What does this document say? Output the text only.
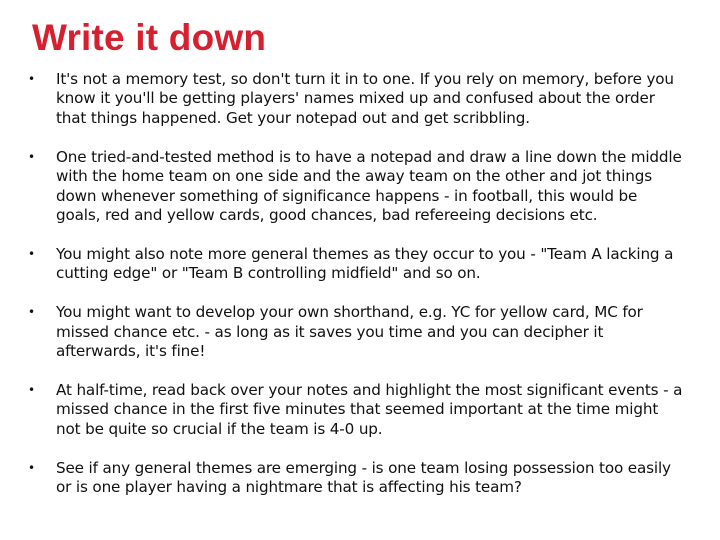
Write it down
• It's not a memory test, so don't turn it in to one. If you rely on memory, before you know it you'll be getting players' names mixed up and confused about the order that things happened. Get your notepad out and get scribbling.
• One tried-and-tested method is to have a notepad and draw a line down the middle with the home team on one side and the away team on the other and jot things down whenever something of significance happens - in football, this would be goals, red and yellow cards, good chances, bad refereeing decisions etc.
• You might also note more general themes as they occur to you - "Team A lacking a cutting edge" or "Team B controlling midfield" and so on.
• You might want to develop your own shorthand, e.g. YC for yellow card, MC for missed chance etc. - as long as it saves you time and you can decipher it afterwards, it's fine!
• At half-time, read back over your notes and highlight the most significant events - a missed chance in the first five minutes that seemed important at the time might not be quite so crucial if the team is 4-0 up.
• See if any general themes are emerging - is one team losing possession too easily or is one player having a nightmare that is affecting his team?
